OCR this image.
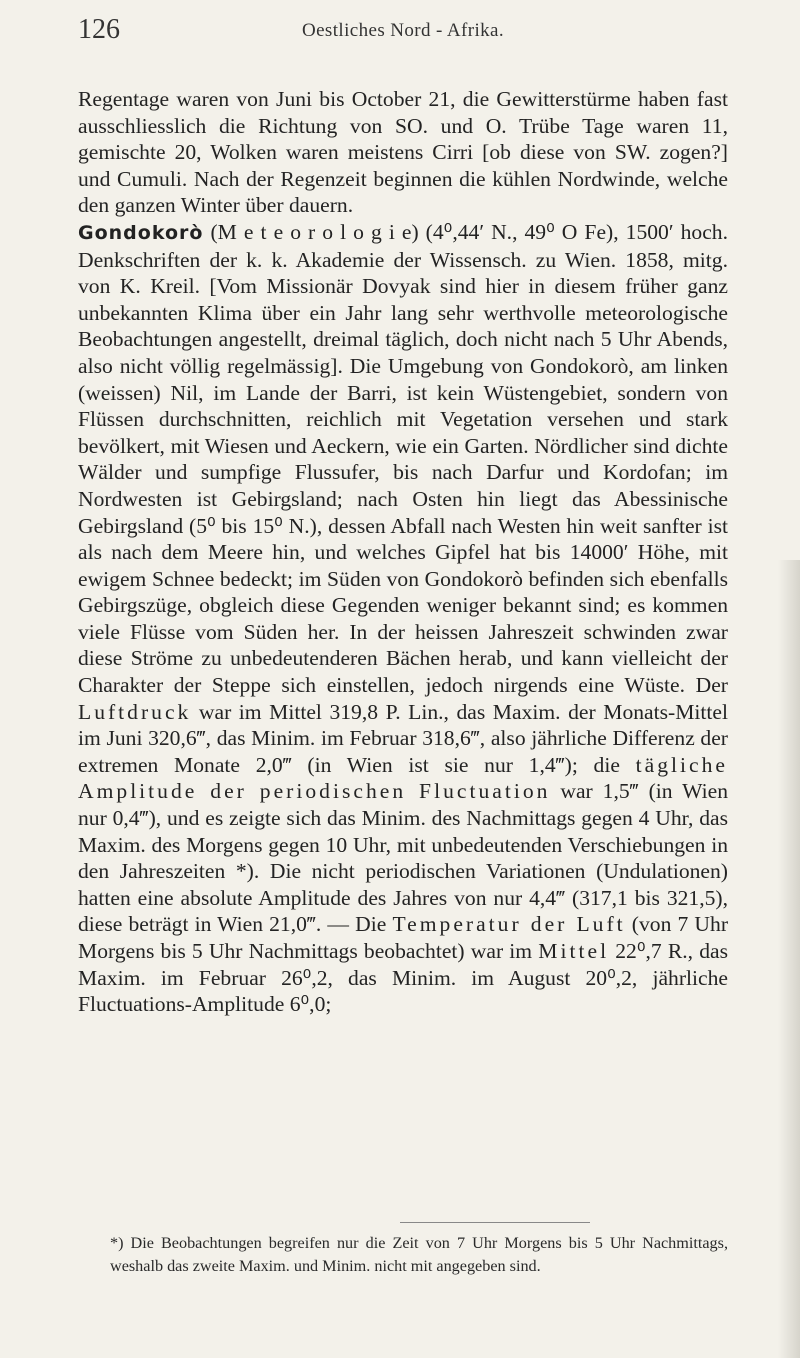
126	Oestliches Nord - Afrika.

Regentage waren von Juni bis October 21, die Gewitterstürme haben fast ausschliesslich die Richtung von SO. und O. Trübe Tage waren 11, gemischte 20, Wolken waren meistens Cirri [ob diese von SW. zogen?] und Cumuli. Nach der Regenzeit beginnen die kühlen Nordwinde, welche den ganzen Winter über dauern.

Gondokorò (M e t e o r o l o g i e) (4⁰,44′ N., 49⁰ O Fe), 1500′ hoch. Denkschriften der k. k. Akademie der Wissensch. zu Wien. 1858, mitg. von K. Kreil. [Vom Missionär Dovyak sind hier in diesem früher ganz unbekannten Klima über ein Jahr lang sehr werthvolle meteorologische Beobachtungen angestellt, dreimal täglich, doch nicht nach 5 Uhr Abends, also nicht völlig regelmässig]. Die Umgebung von Gondokorò, am linken (weissen) Nil, im Lande der Barri, ist kein Wüstengebiet, sondern von Flüssen durchschnitten, reichlich mit Vegetation versehen und stark bevölkert, mit Wiesen und Aeckern, wie ein Garten. Nördlicher sind dichte Wälder und sumpfige Flussufer, bis nach Darfur und Kordofan; im Nordwesten ist Gebirgsland; nach Osten hin liegt das Abessinische Gebirgsland (5⁰ bis 15⁰ N.), dessen Abfall nach Westen hin weit sanfter ist als nach dem Meere hin, und welches Gipfel hat bis 14000′ Höhe, mit ewigem Schnee bedeckt; im Süden von Gondokorò befinden sich ebenfalls Gebirgszüge, obgleich diese Gegenden weniger bekannt sind; es kommen viele Flüsse vom Süden her. In der heissen Jahreszeit schwinden zwar diese Ströme zu unbedeutenderen Bächen herab, und kann vielleicht der Charakter der Steppe sich einstellen, jedoch nirgends eine Wüste. Der Luftdruck war im Mittel 319,8 P. Lin., das Maxim. der Monats-Mittel im Juni 320,6‴, das Minim. im Februar 318,6‴, also jährliche Differenz der extremen Monate 2,0‴ (in Wien ist sie nur 1,4‴); die tägliche Amplitude der periodischen Fluctuation war 1,5‴ (in Wien nur 0,4‴), und es zeigte sich das Minim. des Nachmittags gegen 4 Uhr, das Maxim. des Morgens gegen 10 Uhr, mit unbedeutenden Verschiebungen in den Jahreszeiten *). Die nicht periodischen Variationen (Undulationen) hatten eine absolute Amplitude des Jahres von nur 4,4‴ (317,1 bis 321,5), diese beträgt in Wien 21,0‴. — Die Temperatur der Luft (von 7 Uhr Morgens bis 5 Uhr Nachmittags beobachtet) war im Mittel 22⁰,7 R., das Maxim. im Februar 26⁰,2, das Minim. im August 20⁰,2, jährliche Fluctuations-Amplitude 6⁰,0;

*) Die Beobachtungen begreifen nur die Zeit von 7 Uhr Morgens bis 5 Uhr Nachmittags, weshalb das zweite Maxim. und Minim. nicht mit angegeben sind.
